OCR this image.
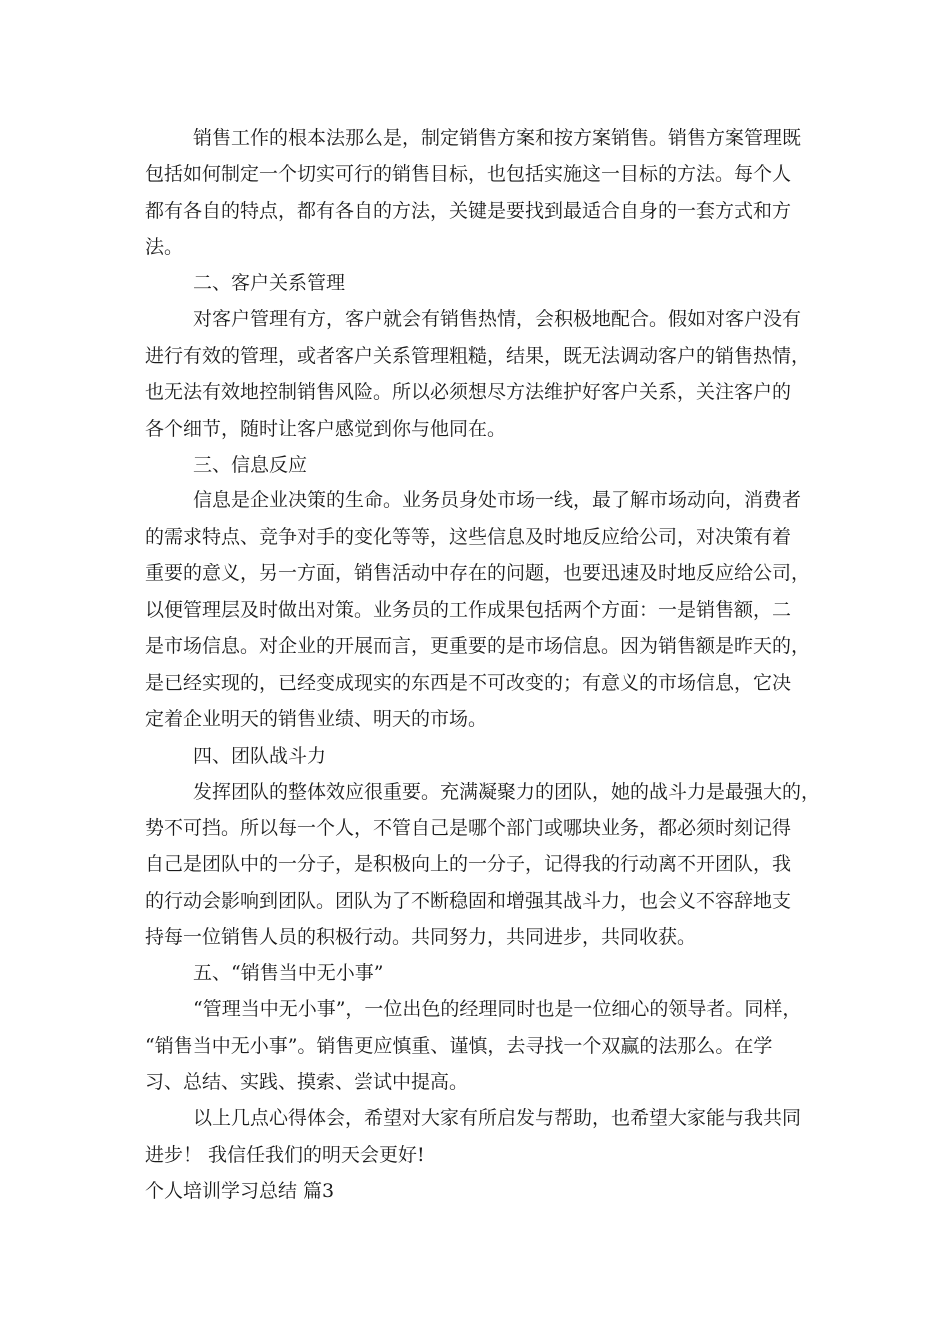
销售工作的根本法那么是，制定销售方案和按方案销售。销售方案管理既
包括如何制定一个切实可行的销售目标，也包括实施这一目标的方法。每个人
都有各自的特点，都有各自的方法，关键是要找到最适合自身的一套方式和方
法。
二、客户关系管理
对客户管理有方，客户就会有销售热情，会积极地配合。假如对客户没有
进行有效的管理，或者客户关系管理粗糙，结果，既无法调动客户的销售热情，
也无法有效地控制销售风险。所以必须想尽方法维护好客户关系，关注客户的
各个细节，随时让客户感觉到你与他同在。
三、信息反应
信息是企业决策的生命。业务员身处市场一线，最了解市场动向，消费者
的需求特点、竞争对手的变化等等，这些信息及时地反应给公司，对决策有着
重要的意义，另一方面，销售活动中存在的问题，也要迅速及时地反应给公司，
以便管理层及时做出对策。业务员的工作成果包括两个方面：一是销售额，二
是市场信息。对企业的开展而言，更重要的是市场信息。因为销售额是昨天的，
是已经实现的，已经变成现实的东西是不可改变的；有意义的市场信息，它决
定着企业明天的销售业绩、明天的市场。
四、团队战斗力
发挥团队的整体效应很重要。充满凝聚力的团队，她的战斗力是最强大的，
势不可挡。所以每一个人，不管自己是哪个部门或哪块业务，都必须时刻记得
自己是团队中的一分子，是积极向上的一分子，记得我的行动离不开团队，我
的行动会影响到团队。团队为了不断稳固和增强其战斗力，也会义不容辞地支
持每一位销售人员的积极行动。共同努力，共同进步，共同收获。
五、“销售当中无小事”
“管理当中无小事”，一位出色的经理同时也是一位细心的领导者。同样，
“销售当中无小事”。销售更应慎重、谨慎，去寻找一个双赢的法那么。在学
习、总结、实践、摸索、尝试中提高。
以上几点心得体会，希望对大家有所启发与帮助，也希望大家能与我共同
进步！ 我信任我们的明天会更好!
个人培训学习总结 篇3
